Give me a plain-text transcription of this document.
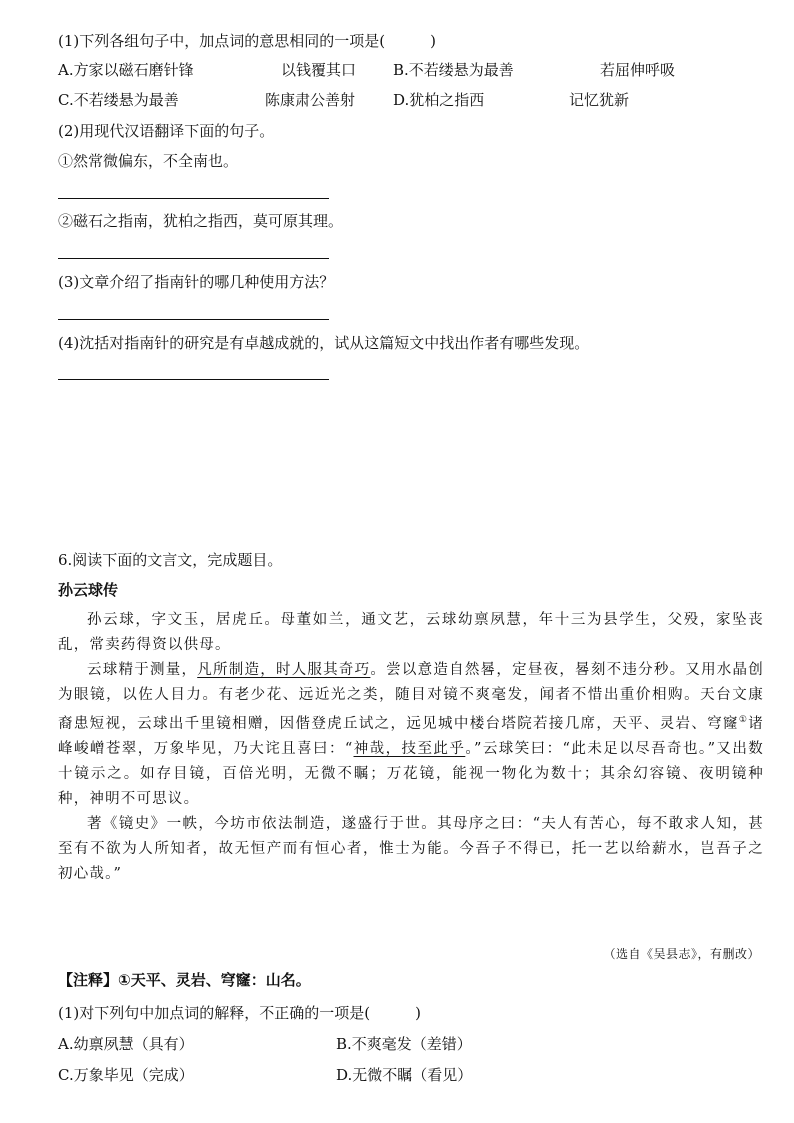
(1)下列各组句子中，加点词的意思相同的一项是(　　　)
A.方家以磁石磨针锋	以钱覆其口 B.不若缕悬为最善	若屈伸呼吸
C.不若缕悬为最善	陈康肃公善射	D.犹柏之指西	记忆犹新
(2)用现代汉语翻译下面的句子。
①然常微偏东，不全南也。
②磁石之指南，犹柏之指西，莫可原其理。
(3)文章介绍了指南针的哪几种使用方法？
(4)沈括对指南针的研究是有卓越成就的，试从这篇短文中找出作者有哪些发现。
6.阅读下面的文言文，完成题目。
孙云球传

孙云球，字文玉，居虎丘。母董如兰，通文艺，云球幼禀夙慧，年十三为县学生，父殁，家坠丧乱，常卖药得资以供母。

云球精于测量，凡所制造，时人服其奇巧。尝以意造自然晷，定昼夜，晷刻不违分秒。又用水晶创为眼镜，以佐人目力。有老少花、远近光之类，随目对镜不爽毫发，闻者不惜出重价相购。天台文康裔患短视，云球出千里镜相赠，因偕登虎丘试之，远见城中楼台塔院若接几席，天平、灵岩、穹窿①诸峰峻嶒苍翠，万象毕见，乃大诧且喜曰：“神哉，技至此乎。”云球笑曰：“此未足以尽吾奇也。”又出数十镜示之。如存目镜，百倍光明，无微不瞩；万花镜，能视一物化为数十；其余幻容镜、夜明镜种种，神明不可思议。

著《镜史》一帙，今坊市依法制造，遂盛行于世。其母序之曰：“夫人有苦心，每不敢求人知，甚至有不欲为人所知者，故无恒产而有恒心者，惟士为能。今吾子不得已，托一艺以给薪水，岂吾子之初心哉。”

（选自《吴县志》，有删改）
【注释】①天平、灵岩、穹窿：山名。
(1)对下列句中加点词的解释，不正确的一项是(　　　)
A.幼禀夙慧（具有）	B.不爽毫发（差错）
C.万象毕见（完成）	D.无微不瞩（看见）
